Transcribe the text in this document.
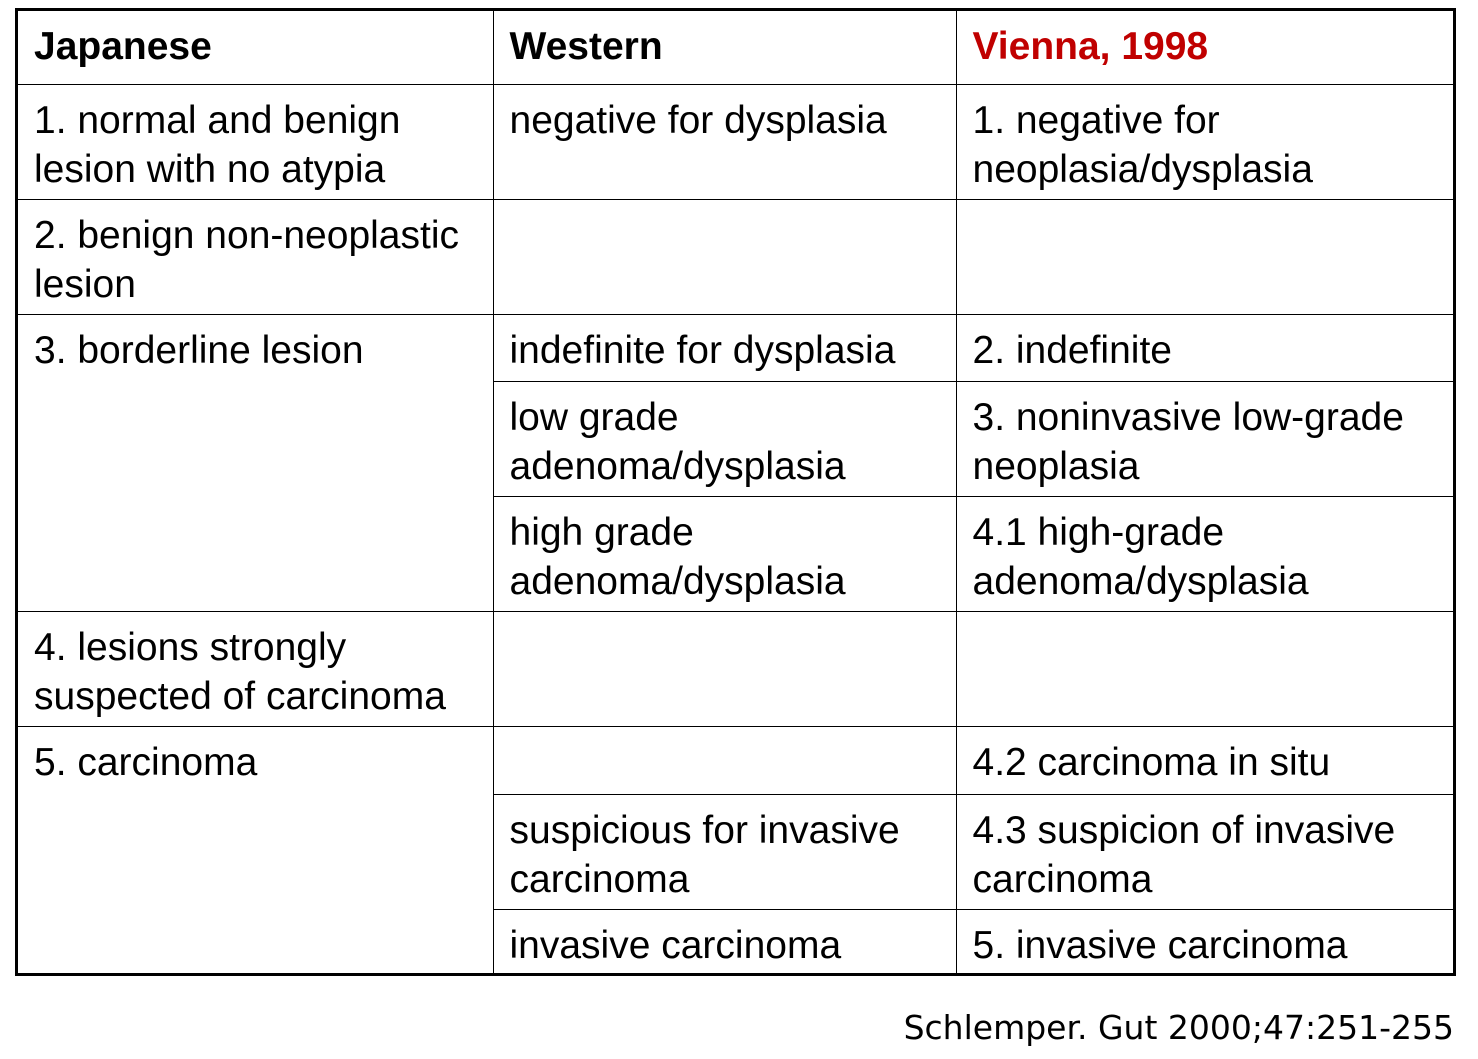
Japanese	Western	Vienna, 1998
1. normal and benign lesion with no atypia	negative for dysplasia	1. negative for neoplasia/dysplasia
2. benign non-neoplastic lesion		
3. borderline lesion	indefinite for dysplasia	2. indefinite
	low grade adenoma/dysplasia	3. noninvasive low-grade neoplasia
	high grade adenoma/dysplasia	4.1 high-grade adenoma/dysplasia
4. lesions strongly suspected of carcinoma		
5. carcinoma		4.2 carcinoma in situ
	suspicious for invasive carcinoma	4.3 suspicion of invasive carcinoma
	invasive carcinoma	5. invasive carcinoma
Schlemper. Gut 2000;47:251-255
